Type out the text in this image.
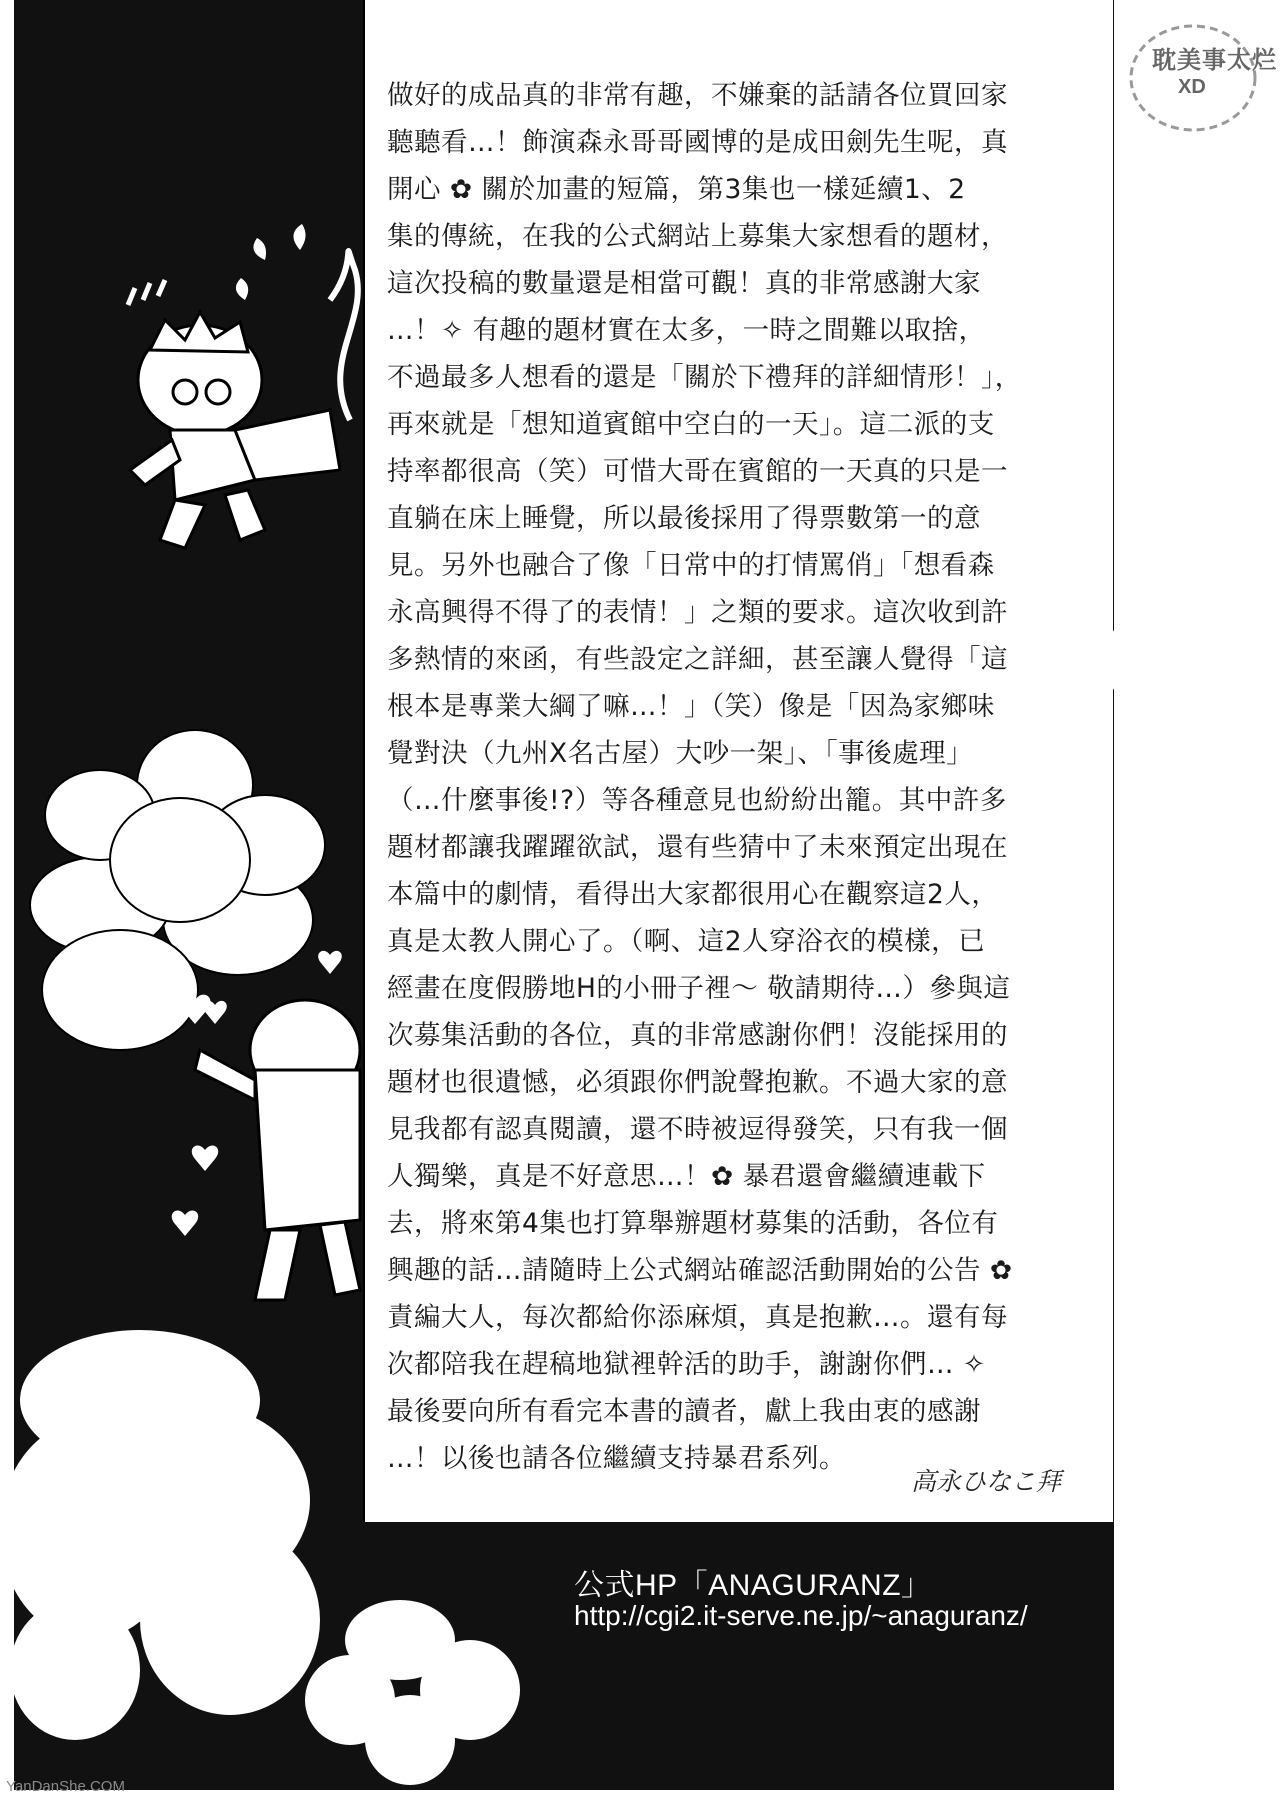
做好的成品真的非常有趣，不嫌棄的話請各位買回家
聽聽看…！飾演森永哥哥國博的是成田劍先生呢，真
開心 ✿ 關於加畫的短篇，第3集也一樣延續1、2
集的傳統，在我的公式網站上募集大家想看的題材，
這次投稿的數量還是相當可觀！真的非常感謝大家
…！✧ 有趣的題材實在太多，一時之間難以取捨，
不過最多人想看的還是「關於下禮拜的詳細情形！」，
再來就是「想知道賓館中空白的一天」。這二派的支
持率都很高（笑）可惜大哥在賓館的一天真的只是一
直躺在床上睡覺，所以最後採用了得票數第一的意
見。另外也融合了像「日常中的打情罵俏」「想看森
永高興得不得了的表情！」之類的要求。這次收到許
多熱情的來函，有些設定之詳細，甚至讓人覺得「這
根本是專業大綱了嘛…！」（笑）像是「因為家鄉味
覺對決（九州X名古屋）大吵一架」、「事後處理」
（…什麼事後!?）等各種意見也紛紛出籠。其中許多
題材都讓我躍躍欲試，還有些猜中了未來預定出現在
本篇中的劇情，看得出大家都很用心在觀察這2人，
真是太教人開心了。（啊、這2人穿浴衣的模樣，已
經畫在度假勝地H的小冊子裡～ 敬請期待…）參與這
次募集活動的各位，真的非常感謝你們！沒能採用的
題材也很遺憾，必須跟你們說聲抱歉。不過大家的意
見我都有認真閱讀，還不時被逗得發笑，只有我一個
人獨樂，真是不好意思…！✿ 暴君還會繼續連載下
去，將來第4集也打算舉辦題材募集的活動，各位有
興趣的話…請隨時上公式網站確認活動開始的公告 ✿
責編大人，每次都給你添麻煩，真是抱歉…。還有每
次都陪我在趕稿地獄裡幹活的助手，謝謝你們… ✧
最後要向所有看完本書的讀者，獻上我由衷的感謝
…！以後也請各位繼續支持暴君系列。
高永ひなこ拜
公式HP「ANAGURANZ」
http://cgi2.it-serve.ne.jp/~anaguranz/
耽美事太烂
XD
YanDanShe.COM
